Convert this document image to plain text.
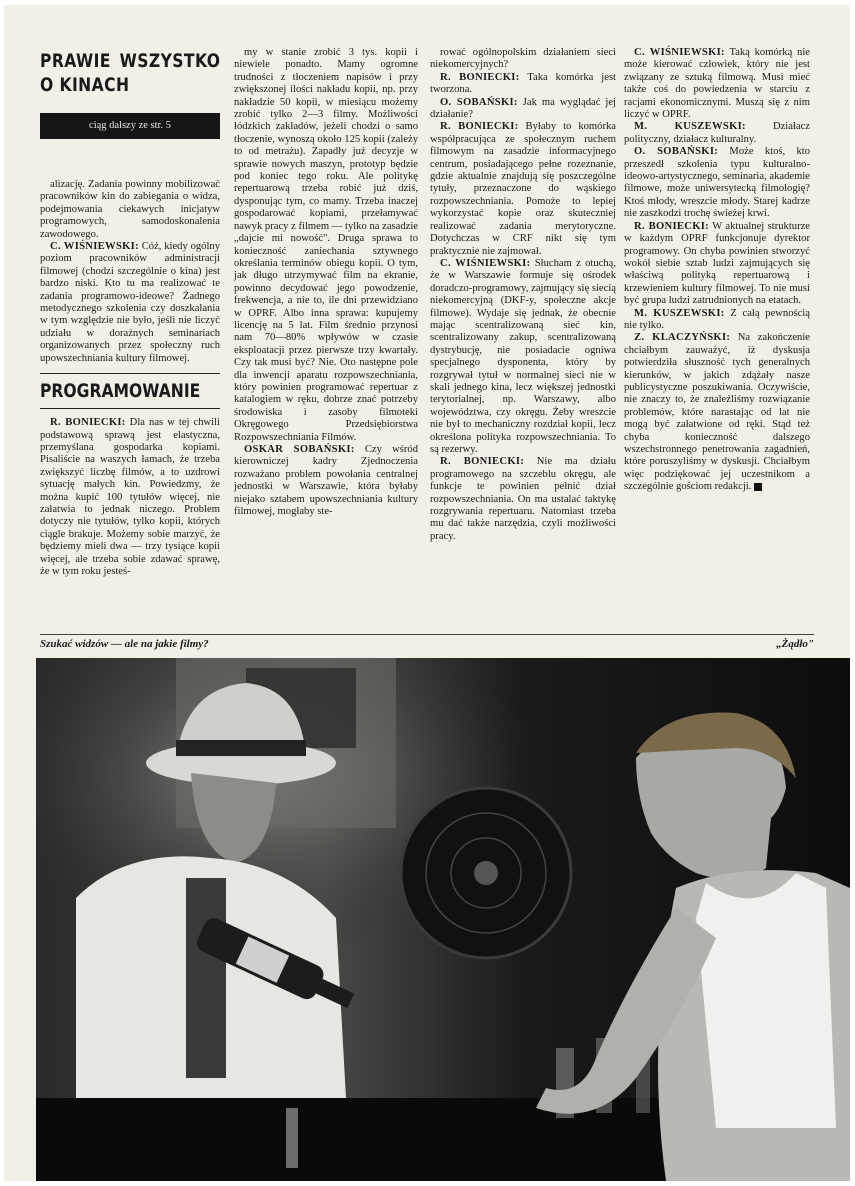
PRAWIE WSZYSTKO O KINACH
ciąg dalszy ze str. 5

alizację. Zadania powinny mobilizować pracowników kin do zabiegania o widza, podejmowania ciekawych inicjatyw programowych, samodoskonalenia zawodowego.

C. WIŚNIEWSKI: Cóż, kiedy ogólny poziom pracowników administracji filmowej (chodzi szczególnie o kina) jest bardzo niski. Kto tu ma realizować te zadania programowo-ideowe? Żadnego metodycznego szkolenia czy doszkalania w tym względzie nie było, jeśli nie liczyć udziału w doraźnych seminariach organizowanych przez społeczny ruch upowszechniania kultury filmowej.

PROGRAMOWANIE

R. BONIECKI: Dla nas w tej chwili podstawową sprawą jest elastyczna, przemyślana gospodarka kopiami. Pisaliście na waszych łamach, że trzeba zwiększyć liczbę filmów, a to uzdrowi sytuację małych kin. Powiedzmy, że można kupić 100 tytułów więcej, nie załatwia to jednak niczego. Problem dotyczy nie tytułów, tylko kopii, których ciągle brakuje. Możemy sobie marzyć, że będziemy mieli dwa — trzy tysiące kopii więcej, ale trzeba sobie zdawać sprawę, że w tym roku jesteś-

my w stanie zrobić 3 tys. kopii i niewiele ponadto. Mamy ogromne trudności z tłoczeniem napisów i przy zwiększonej ilości nakładu kopii, np. przy nakładzie 50 kopii, w miesiącu możemy zrobić tylko 2—3 filmy. Możliwości łódzkich zakładów, jeżeli chodzi o samo tłoczenie, wynoszą około 125 kopii (zależy to od metrażu). Zapadły już decyzje w sprawie nowych maszyn, prototyp będzie pod koniec tego roku. Ale politykę repertuarową trzeba robić już dziś, dysponując tym, co mamy. Trzeba inaczej gospodarować kopiami, przełamywać nawyk pracy z filmem — tylko na zasadzie „dajcie mi nowość". Druga sprawa to konieczność zaniechania sztywnego określania terminów obiegu kopii. O tym, jak długo utrzymywać film na ekranie, powinno decydować jego powodzenie, frekwencja, a nie to, ile dni przewidziano w OPRF. Albo inna sprawa: kupujemy licencję na 5 lat. Film średnio przynosi nam 70—80% wpływów w czasie eksploatacji przez pierwsze trzy kwartały. Czy tak musi być? Nie. Oto następne pole dla inwencji aparatu rozpowszechniania, który powinien programować repertuar z katalogiem w ręku, dobrze znać potrzeby środowiska i zasoby filmoteki Okręgowego Przedsiębiorstwa Rozpowszechniania Filmów.

OSKAR SOBAŃSKI: Czy wśród kierowniczej kadry Zjednoczenia rozważano problem powołania centralnej jednostki w Warszawie, która byłaby niejako sztabem upowszechniania kultury filmowej, mogłaby ste-

rować ogólnopolskim działaniem sieci niekomercyjnych?

R. BONIECKI: Taka komórka jest tworzona.

O. SOBAŃSKI: Jak ma wyglądać jej działanie?

R. BONIECKI: Byłaby to komórka współpracująca ze społecznym ruchem filmowym na zasadzie informacyjnego centrum, posiadającego pełne rozeznanie, gdzie aktualnie znajdują się poszczególne tytuły, przeznaczone do wąskiego rozpowszechniania. Pomoże to lepiej wykorzystać kopie oraz skuteczniej realizować zadania merytoryczne. Dotychczas w CRF nikt się tym praktycznie nie zajmował.

C. WIŚNIEWSKI: Słucham z otuchą, że w Warszawie formuje się ośrodek doradczo-programowy, zajmujący się siecią niekomercyjną (DKF-y, społeczne akcje filmowe). Wydaje się jednak, że obecnie mając scentralizowaną sieć kin, scentralizowany zakup, scentralizowaną dystrybucję, nie posiadacie ogniwa specjalnego dysponenta, który by rozgrywał tytuł w normalnej sieci nie w skali jednego kina, lecz większej jednostki terytorialnej, np. Warszawy, albo województwa, czy okręgu. Żeby wreszcie nie był to mechaniczny rozdział kopii, lecz określona polityka rozpowszechniania. To są rezerwy.

R. BONIECKI: Nie ma działu programowego na szczeblu okręgu, ale funkcje te powinien pełnić dział rozpowszechniania. On ma ustalać taktykę rozgrywania repertuaru. Natomiast trzeba mu dać także narzędzia, czyli możliwości pracy.

C. WIŚNIEWSKI: Taką komórką nie może kierować człowiek, który nie jest związany ze sztuką filmową. Musi mieć także coś do powiedzenia w starciu z racjami ekonomicznymi. Muszą się z nim liczyć w OPRF.

M. KUSZEWSKI: Działacz polityczny, działacz kulturalny.

O. SOBAŃSKI: Może ktoś, kto przeszedł szkolenia typu kulturalno-ideowo-artystycznego, seminaria, akademie filmowe, może uniwersytecką filmologię? Ktoś młody, wreszcie młody. Starej kadrze nie zaszkodzi trochę świeżej krwi.

R. BONIECKI: W aktualnej strukturze w każdym OPRF funkcjonuje dyrektor programowy. On chyba powinien stworzyć wokół siebie sztab ludzi zajmujących się właściwą polityką repertuarową i krzewieniem kultury filmowej. To nie musi być grupa ludzi zatrudnionych na etatach.

M. KUSZEWSKI: Z całą pewnością nie tylko.

Z. KLACZYŃSKI: Na zakończenie chciałbym zauważyć, iż dyskusja potwierdziła słuszność tych generalnych kierunków, w jakich zdążały nasze publicystyczne poszukiwania. Oczywiście, nie znaczy to, że znaleźliśmy rozwiązanie problemów, które narastając od lat nie mogą być załatwione od ręki. Stąd też chyba konieczność dalszego wszechstronnego penetrowania zagadnień, które poruszyliśmy w dyskusji. Chciałbym więc podziękować jej uczestnikom a szczególnie gościom redakcji.

Szukać widzów — ale na jakie filmy?	„Żądło"
